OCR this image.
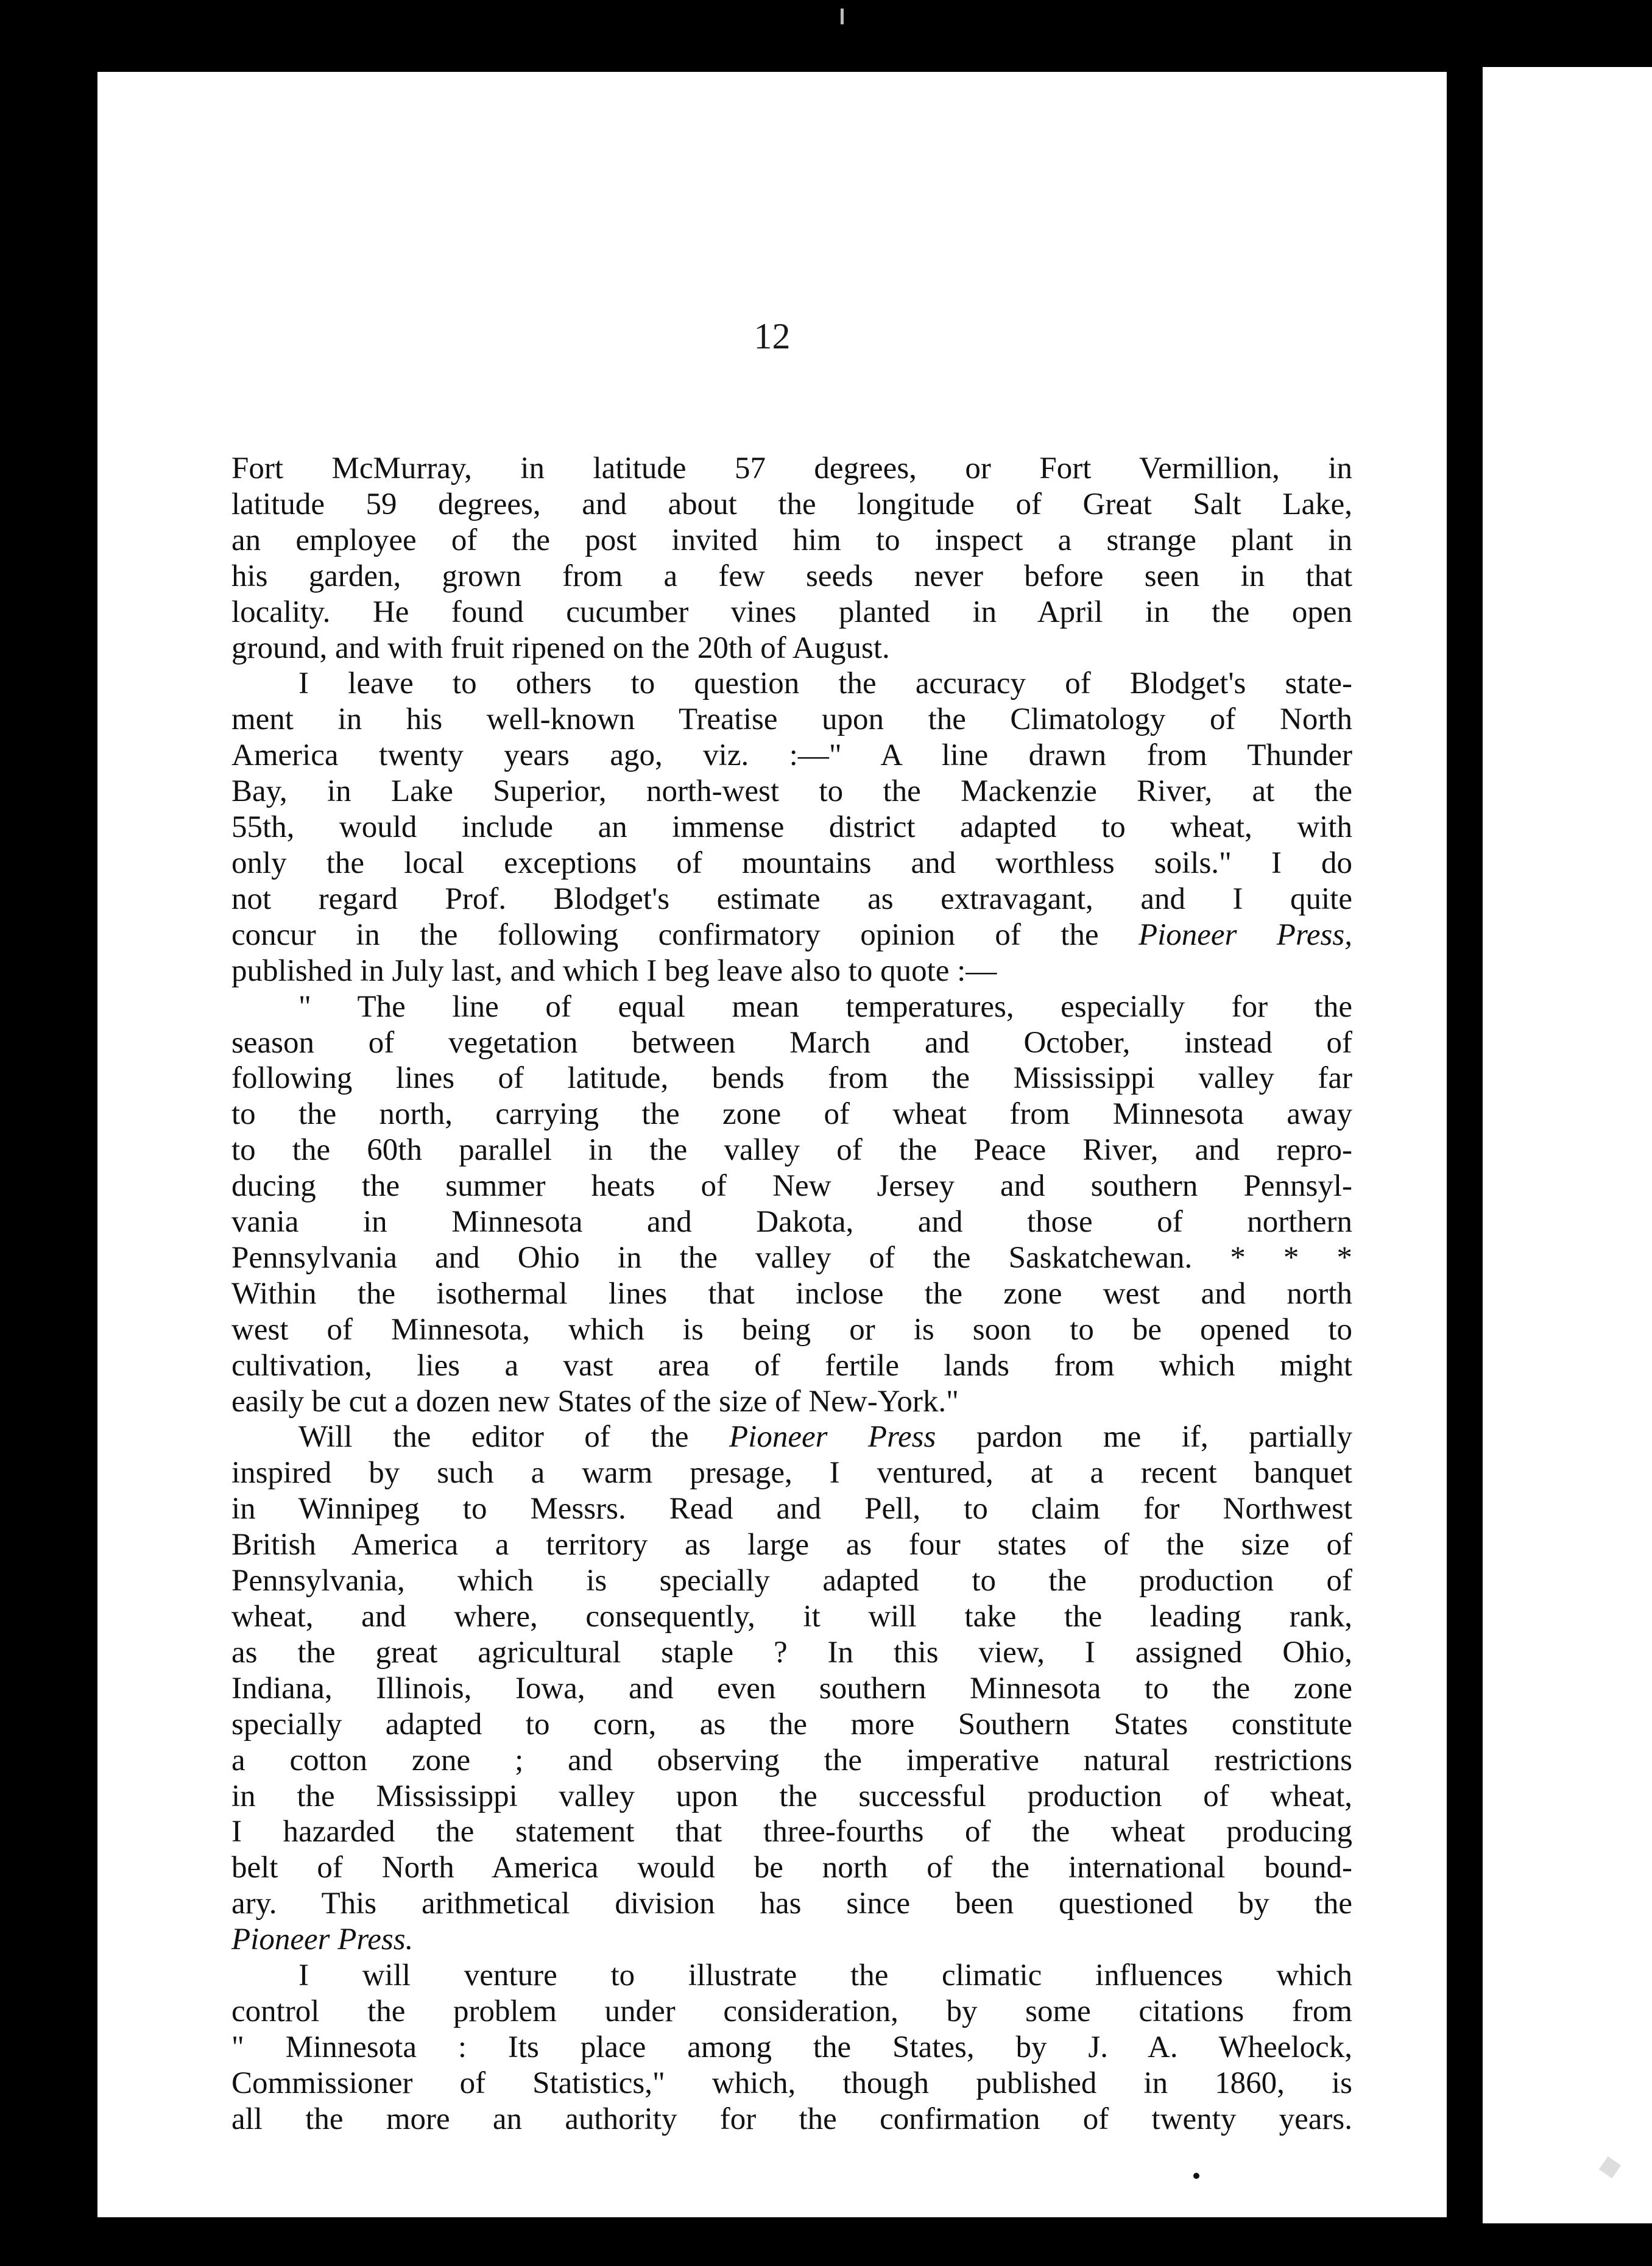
12
Fort McMurray, in latitude 57 degrees, or Fort Vermillion, in
latitude 59 degrees, and about the longitude of Great Salt Lake,
an employee of the post invited him to inspect a strange plant in
his garden, grown from a few seeds never before seen in that
locality. He found cucumber vines planted in April in the open
ground, and with fruit ripened on the 20th of August.
I leave to others to question the accuracy of Blodget's state-
ment in his well-known Treatise upon the Climatology of North
America twenty years ago, viz. :—" A line drawn from Thunder
Bay, in Lake Superior, north-west to the Mackenzie River, at the
55th, would include an immense district adapted to wheat, with
only the local exceptions of mountains and worthless soils." I do
not regard Prof. Blodget's estimate as extravagant, and I quite
concur in the following confirmatory opinion of the Pioneer Press,
published in July last, and which I beg leave also to quote :—
" The line of equal mean temperatures, especially for the
season of vegetation between March and October, instead of
following lines of latitude, bends from the Mississippi valley far
to the north, carrying the zone of wheat from Minnesota away
to the 60th parallel in the valley of the Peace River, and repro-
ducing the summer heats of New Jersey and southern Pennsyl-
vania in Minnesota and Dakota, and those of northern
Pennsylvania and Ohio in the valley of the Saskatchewan. * * *
Within the isothermal lines that inclose the zone west and north
west of Minnesota, which is being or is soon to be opened to
cultivation, lies a vast area of fertile lands from which might
easily be cut a dozen new States of the size of New-York."
Will the editor of the Pioneer Press pardon me if, partially
inspired by such a warm presage, I ventured, at a recent banquet
in Winnipeg to Messrs. Read and Pell, to claim for Northwest
British America a territory as large as four states of the size of
Pennsylvania, which is specially adapted to the production of
wheat, and where, consequently, it will take the leading rank,
as the great agricultural staple ? In this view, I assigned Ohio,
Indiana, Illinois, Iowa, and even southern Minnesota to the zone
specially adapted to corn, as the more Southern States constitute
a cotton zone ; and observing the imperative natural restrictions
in the Mississippi valley upon the successful production of wheat,
I hazarded the statement that three-fourths of the wheat producing
belt of North America would be north of the international bound-
ary. This arithmetical division has since been questioned by the
Pioneer Press.
I will venture to illustrate the climatic influences which
control the problem under consideration, by some citations from
" Minnesota : Its place among the States, by J. A. Wheelock,
Commissioner of Statistics," which, though published in 1860, is
all the more an authority for the confirmation of twenty years.
